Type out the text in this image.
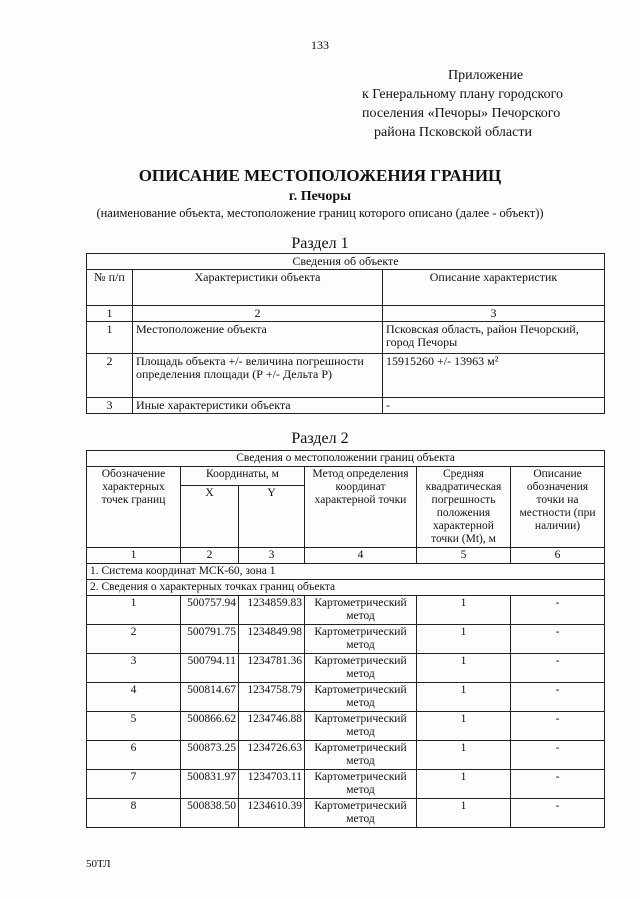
133
Приложение
к Генеральному плану городского
поселения «Печоры» Печорского
района Псковской области
ОПИСАНИЕ МЕСТОПОЛОЖЕНИЯ ГРАНИЦ
г. Печоры
(наименование объекта, местоположение границ которого описано (далее - объект))
Раздел 1
Сведения об объекте		
№ п/п	Характеристики объекта	Описание характеристик
1	2	3
1	Местоположение объекта	Псковская область, район Печорский, город Печоры
2	Площадь объекта +/- величина погрешности определения площади (Р +/- Дельта Р)	15915260 +/- 13963 м²
3	Иные характеристики объекта	-
Раздел 2
Сведения о местоположении границ объекта					
Обозначение характерных точек границ	Координаты, м		Метод определения координат характерной точки	Средняя квадратическая погрешность положения характерной точки (Mt), м	Описание обозначения точки на местности (при наличии)
	X	Y			
1	2	3	4	5	6
1. Система координат МСК-60, зона 1					
2. Сведения о характерных точках границ объекта					
1	500757.94	1234859.83	Картометрический метод	1	-
2	500791.75	1234849.98	Картометрический метод	1	-
3	500794.11	1234781.36	Картометрический метод	1	-
4	500814.67	1234758.79	Картометрический метод	1	-
5	500866.62	1234746.88	Картометрический метод	1	-
6	500873.25	1234726.63	Картометрический метод	1	-
7	500831.97	1234703.11	Картометрический метод	1	-
8	500838.50	1234610.39	Картометрический метод	1	-
50ТЛ
